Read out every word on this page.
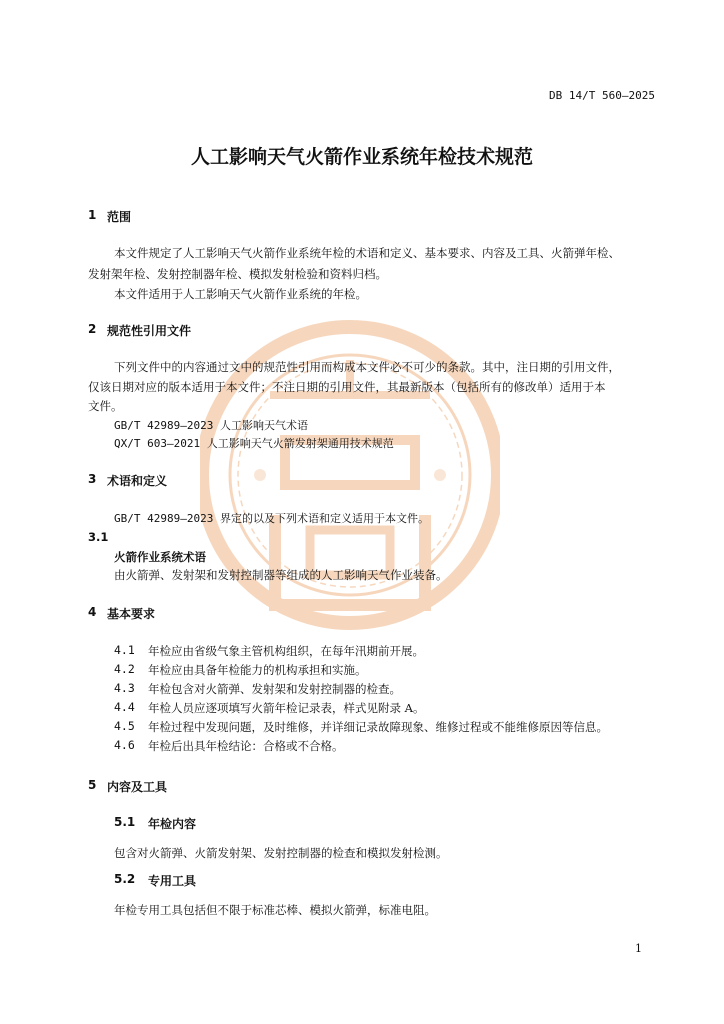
DB 14/T 560—2025
人工影响天气火箭作业系统年检技术规范
1 范围
本文件规定了人工影响天气火箭作业系统年检的术语和定义、基本要求、内容及工具、火箭弹年检、
发射架年检、发射控制器年检、模拟发射检验和资料归档。
本文件适用于人工影响天气火箭作业系统的年检。
2 规范性引用文件
下列文件中的内容通过文中的规范性引用而构成本文件必不可少的条款。其中，注日期的引用文件，
仅该日期对应的版本适用于本文件；不注日期的引用文件，其最新版本（包括所有的修改单）适用于本
文件。
GB/T 42989—2023 人工影响天气术语
QX/T 603—2021 人工影响天气火箭发射架通用技术规范
3 术语和定义
GB/T 42989—2023 界定的以及下列术语和定义适用于本文件。
3.1
火箭作业系统术语
由火箭弹、发射架和发射控制器等组成的人工影响天气作业装备。
4 基本要求
4.1 年检应由省级气象主管机构组织，在每年汛期前开展。
4.2 年检应由具备年检能力的机构承担和实施。
4.3 年检包含对火箭弹、发射架和发射控制器的检查。
4.4 年检人员应逐项填写火箭年检记录表，样式见附录 A。
4.5 年检过程中发现问题，及时维修，并详细记录故障现象、维修过程或不能维修原因等信息。
4.6 年检后出具年检结论：合格或不合格。
5 内容及工具
5.1 年检内容
包含对火箭弹、火箭发射架、发射控制器的检查和模拟发射检测。
5.2 专用工具
年检专用工具包括但不限于标准芯棒、模拟火箭弹，标准电阻。
1
